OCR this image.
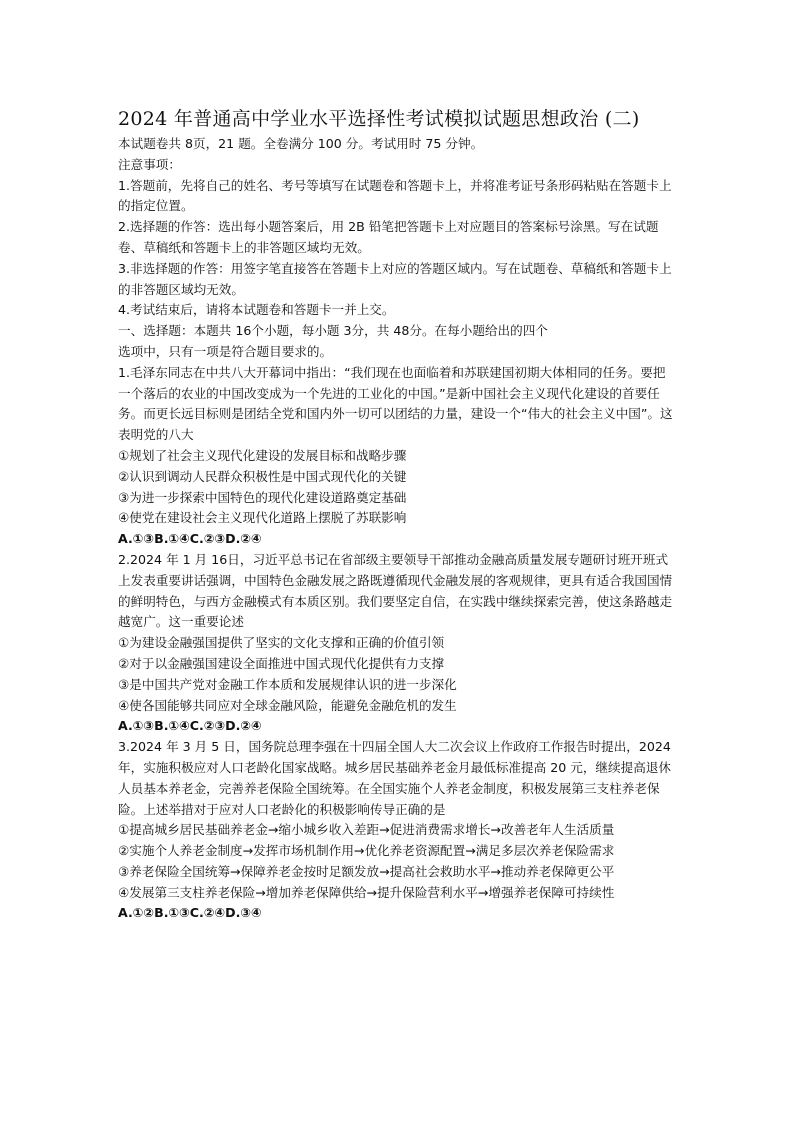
2024 年普通高中学业水平选择性考试模拟试题思想政治 (二)

本试题卷共 8页，21 题。全卷满分 100 分。考试用时 75 分钟。

注意事项：

1.答题前，先将自己的姓名、考号等填写在试题卷和答题卡上，并将准考证号条形码粘贴在答题卡上的指定位置。

2.选择题的作答：选出每小题答案后，用 2B 铅笔把答题卡上对应题目的答案标号涂黑。写在试题卷、草稿纸和答题卡上的非答题区域均无效。

3.非选择题的作答：用签字笔直接答在答题卡上对应的答题区域内。写在试题卷、草稿纸和答题卡上的非答题区域均无效。

4.考试结束后，请将本试题卷和答题卡一并上交。

一、选择题：本题共 16个小题，每小题 3分，共 48分。在每小题给出的四个

选项中，只有一项是符合题目要求的。

1.毛泽东同志在中共八大开幕词中指出：“我们现在也面临着和苏联建国初期大体相同的任务。要把一个落后的农业的中国改变成为一个先进的工业化的中国。”是新中国社会主义现代化建设的首要任务。而更长远目标则是团结全党和国内外一切可以团结的力量，建设一个“伟大的社会主义中国”。这表明党的八大

①规划了社会主义现代化建设的发展目标和战略步骤

②认识到调动人民群众积极性是中国式现代化的关键

③为进一步探索中国特色的现代化建设道路奠定基础

④使党在建设社会主义现代化道路上摆脱了苏联影响

A.①③B.①④C.②③D.②④

2.2024 年 1 月 16日，习近平总书记在省部级主要领导干部推动金融高质量发展专题研讨班开班式上发表重要讲话强调，中国特色金融发展之路既遵循现代金融发展的客观规律，更具有适合我国国情的鲜明特色，与西方金融模式有本质区别。我们要坚定自信，在实践中继续探索完善，使这条路越走越宽广。这一重要论述

①为建设金融强国提供了坚实的文化支撑和正确的价值引领

②对于以金融强国建设全面推进中国式现代化提供有力支撑

③是中国共产党对金融工作本质和发展规律认识的进一步深化

④使各国能够共同应对全球金融风险，能避免金融危机的发生

A.①③B.①④C.②③D.②④

3.2024 年 3 月 5 日，国务院总理李强在十四届全国人大二次会议上作政府工作报告时提出，2024 年，实施积极应对人口老龄化国家战略。城乡居民基础养老金月最低标准提高 20 元，继续提高退休人员基本养老金，完善养老保险全国统筹。在全国实施个人养老金制度，积极发展第三支柱养老保险。上述举措对于应对人口老龄化的积极影响传导正确的是

①提高城乡居民基础养老金→缩小城乡收入差距→促进消费需求增长→改善老年人生活质量

②实施个人养老金制度→发挥市场机制作用→优化养老资源配置→满足多层次养老保险需求

③养老保险全国统筹→保障养老金按时足额发放→提高社会救助水平→推动养老保障更公平

④发展第三支柱养老保险→增加养老保障供给→提升保险营利水平→增强养老保障可持续性

A.①②B.①③C.②④D.③④
